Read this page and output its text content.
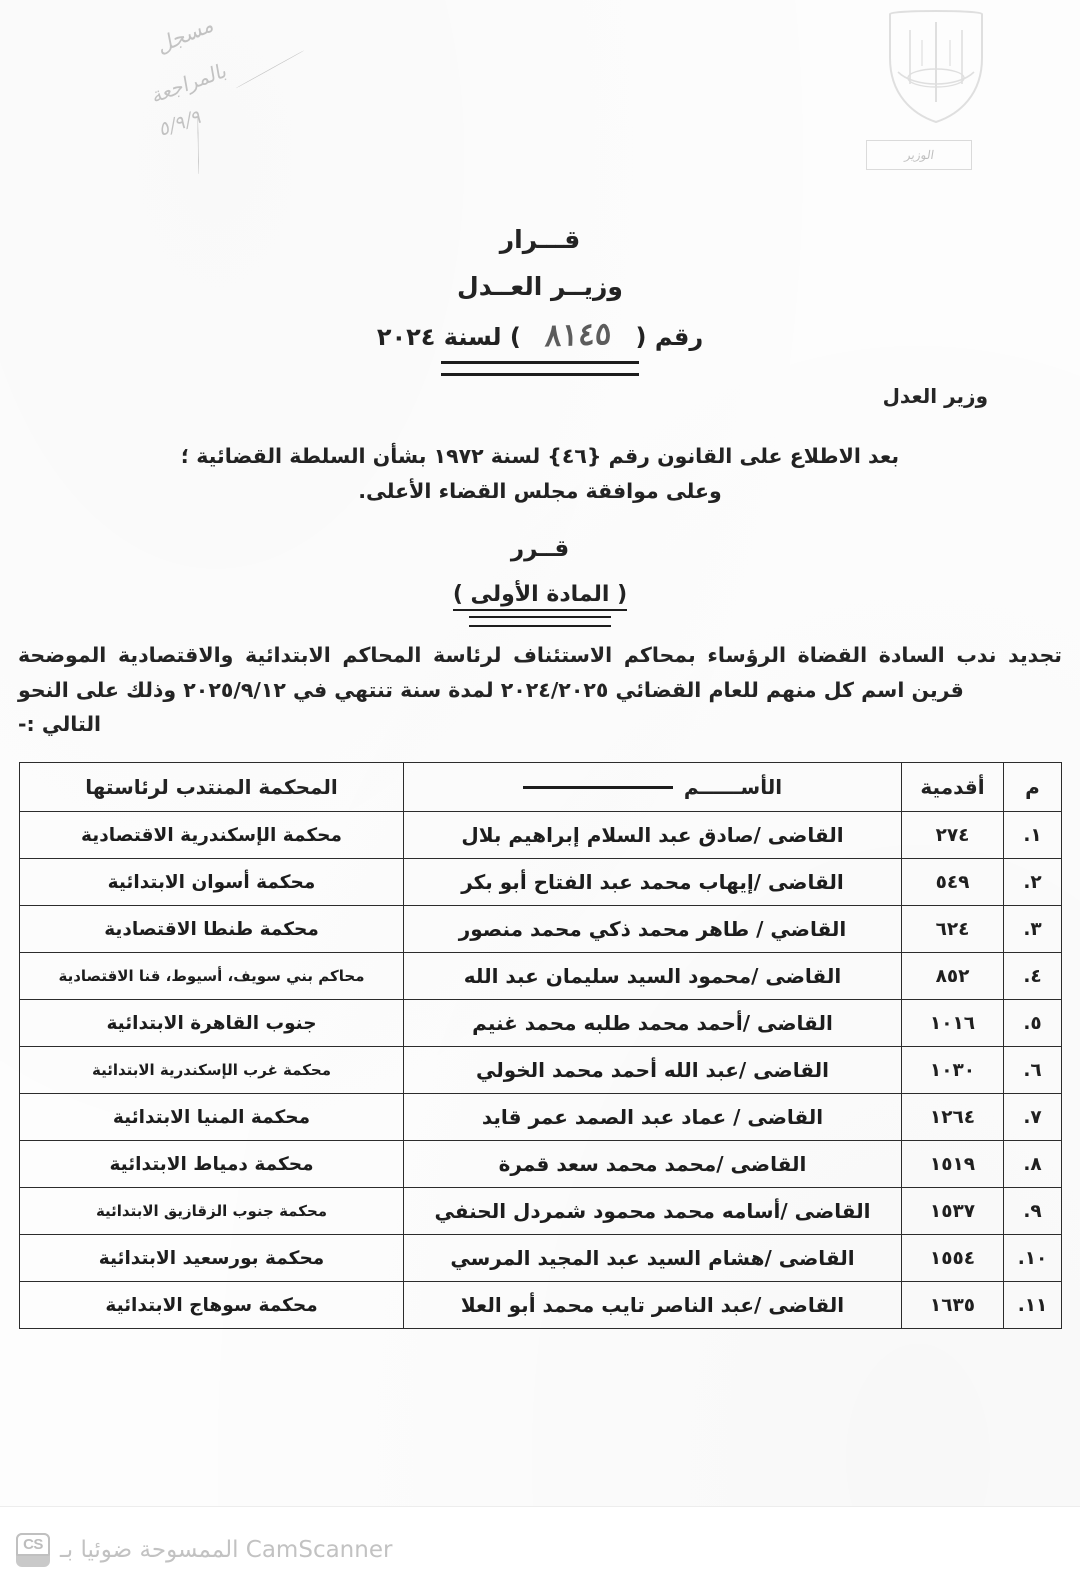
مسجل
بالمراجعة
٥/٩/٩
الوزير
قـــرار
وزيــر العــدل
رقم (
٨١٤٥
) لسنة ٢٠٢٤
وزير العدل
بعد الاطلاع على القانون رقم {٤٦} لسنة ١٩٧٢ بشأن السلطة القضائية ؛
وعلى موافقة مجلس القضاء الأعلى.
قــرر
( المادة الأولى )
تجديد ندب السادة القضاة الرؤساء بمحاكم الاستئناف لرئاسة المحاكم الابتدائية والاقتصادية الموضحة قرين اسم كل منهم للعام القضائي ٢٠٢٤/٢٠٢٥ لمدة سنة تنتهي في ٢٠٢٥/٩/١٢ وذلك على النحو
التالي :-
م	أقدمية	الأســــــم	المحكمة المنتدب لرئاستها
١.	٢٧٤	القاضى /صادق عبد السلام إبراهيم بلال	محكمة الإسكندرية الاقتصادية
٢.	٥٤٩	القاضى /إيهاب محمد عبد الفتاح أبو بكر	محكمة أسوان الابتدائية
٣.	٦٢٤	القاضي / طاهر محمد ذكي محمد منصور	محكمة طنطا الاقتصادية
٤.	٨٥٢	القاضى /محمود السيد سليمان عبد الله	محاكم بني سويف، أسيوط، قنا الاقتصادية
٥.	١٠١٦	القاضى /أحمد محمد طلبه محمد غنيم	جنوب القاهرة الابتدائية
٦.	١٠٣٠	القاضى /عبد الله أحمد محمد الخولي	محكمة غرب الإسكندرية الابتدائية
٧.	١٢٦٤	القاضى / عماد عبد الصمد عمر قايد	محكمة المنيا الابتدائية
٨.	١٥١٩	القاضى /محمد محمد سعد قمرة	محكمة دمياط الابتدائية
٩.	١٥٣٧	القاضى /أسامه محمد محمود شمردل الحنفي	محكمة جنوب الزقازيق الابتدائية
١٠.	١٥٥٤	القاضى /هشام السيد عبد المجيد المرسي	محكمة بورسعيد الابتدائية
١١.	١٦٣٥	القاضى /عبد الناصر تايب محمد أبو العلا	محكمة سوهاج الابتدائية
CS الممسوحة ضوئيا بـ CamScanner
